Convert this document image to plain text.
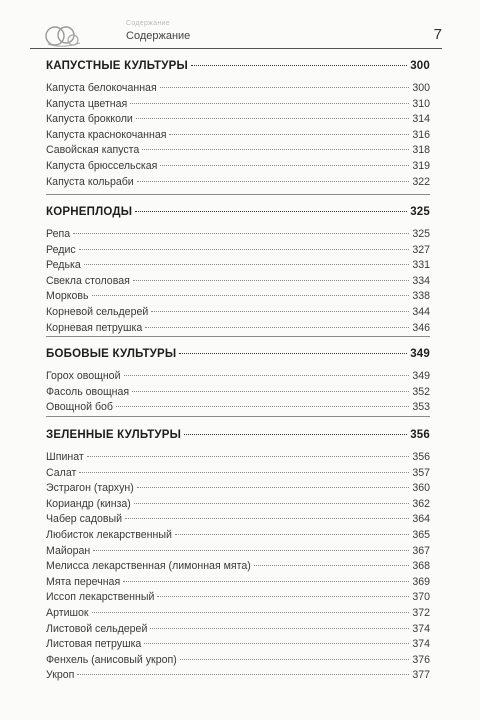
Содержание
Содержание	7
КАПУСТНЫЕ КУЛЬТУРЫ	300
Капуста белокочанная	300
Капуста цветная	310
Капуста брокколи	314
Капуста краснокочанная	316
Савойская капуста	318
Капуста брюссельская	319
Капуста кольраби	322
КОРНЕПЛОДЫ	325
Репа	325
Редис	327
Редька	331
Свекла столовая	334
Морковь	338
Корневой сельдерей	344
Корневая петрушка	346
БОБОВЫЕ КУЛЬТУРЫ	349
Горох овощной	349
Фасоль овощная	352
Овощной боб	353
ЗЕЛЕННЫЕ КУЛЬТУРЫ	356
Шпинат	356
Салат	357
Эстрагон (тархун)	360
Кориандр (кинза)	362
Чабер садовый	364
Любисток лекарственный	365
Майоран	367
Мелисса лекарственная (лимонная мята)	368
Мята перечная	369
Иссоп лекарственный	370
Артишок	372
Листовой сельдерей	374
Листовая петрушка	374
Фенхель (анисовый укроп)	376
Укроп	377
